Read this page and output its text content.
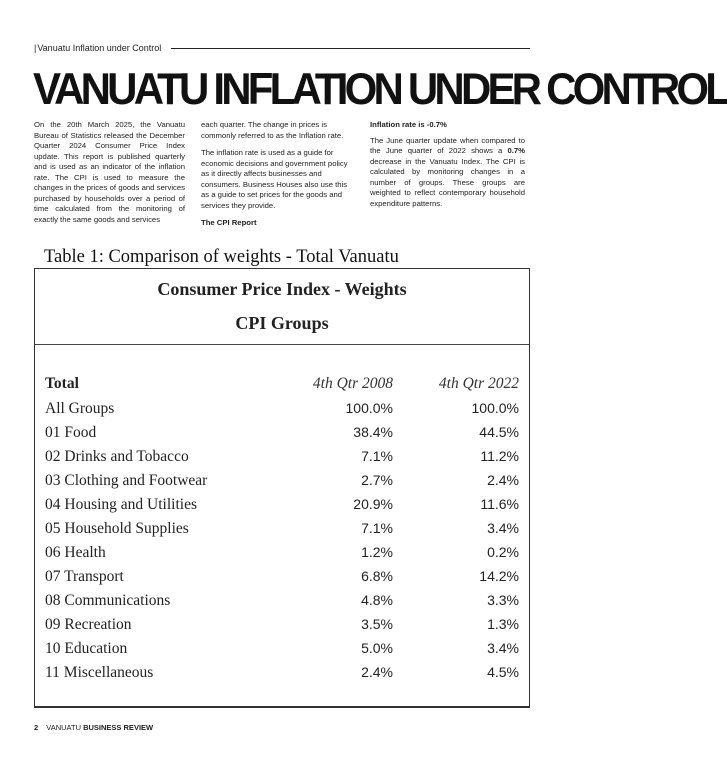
| Vanuatu Inflation under Control
VANUATU INFLATION UNDER CONTROL

On the 20th March 2025, the Vanuatu Bureau of Statistics released the December Quarter 2024 Consumer Price Index update. This report is published quarterly and is used as an indicator of the inflation rate. The CPI is used to measure the changes in the prices of goods and services purchased by households over a period of time calculated from the monitoring of exactly the same goods and services

each quarter. The change in prices is commonly referred to as the Inflation rate.

The inflation rate is used as a guide for economic decisions and government policy as it directly affects businesses and consumers. Business Houses also use this as a guide to set prices for the goods and services they provide.

The CPI Report

Inflation rate is -0.7%

The June quarter update when compared to the June quarter of 2022 shows a 0.7% decrease in the Vanuatu Index. The CPI is calculated by monitoring changes in a number of groups. These groups are weighted to reflect contemporary household expenditure patterns.

Table 1: Comparison of weights - Total Vanuatu
Consumer Price Index - Weights
CPI Groups
Total	4th Qtr 2008	4th Qtr 2022
All Groups	100.0%	100.0%
01 Food	38.4%	44.5%
02 Drinks and Tobacco	7.1%	11.2%
03 Clothing and Footwear	2.7%	2.4%
04 Housing and Utilities	20.9%	11.6%
05 Household Supplies	7.1%	3.4%
06 Health	1.2%	0.2%
07 Transport	6.8%	14.2%
08 Communications	4.8%	3.3%
09 Recreation	3.5%	1.3%
10 Education	5.0%	3.4%
11 Miscellaneous	2.4%	4.5%
2 VANUATU BUSINESS REVIEW
